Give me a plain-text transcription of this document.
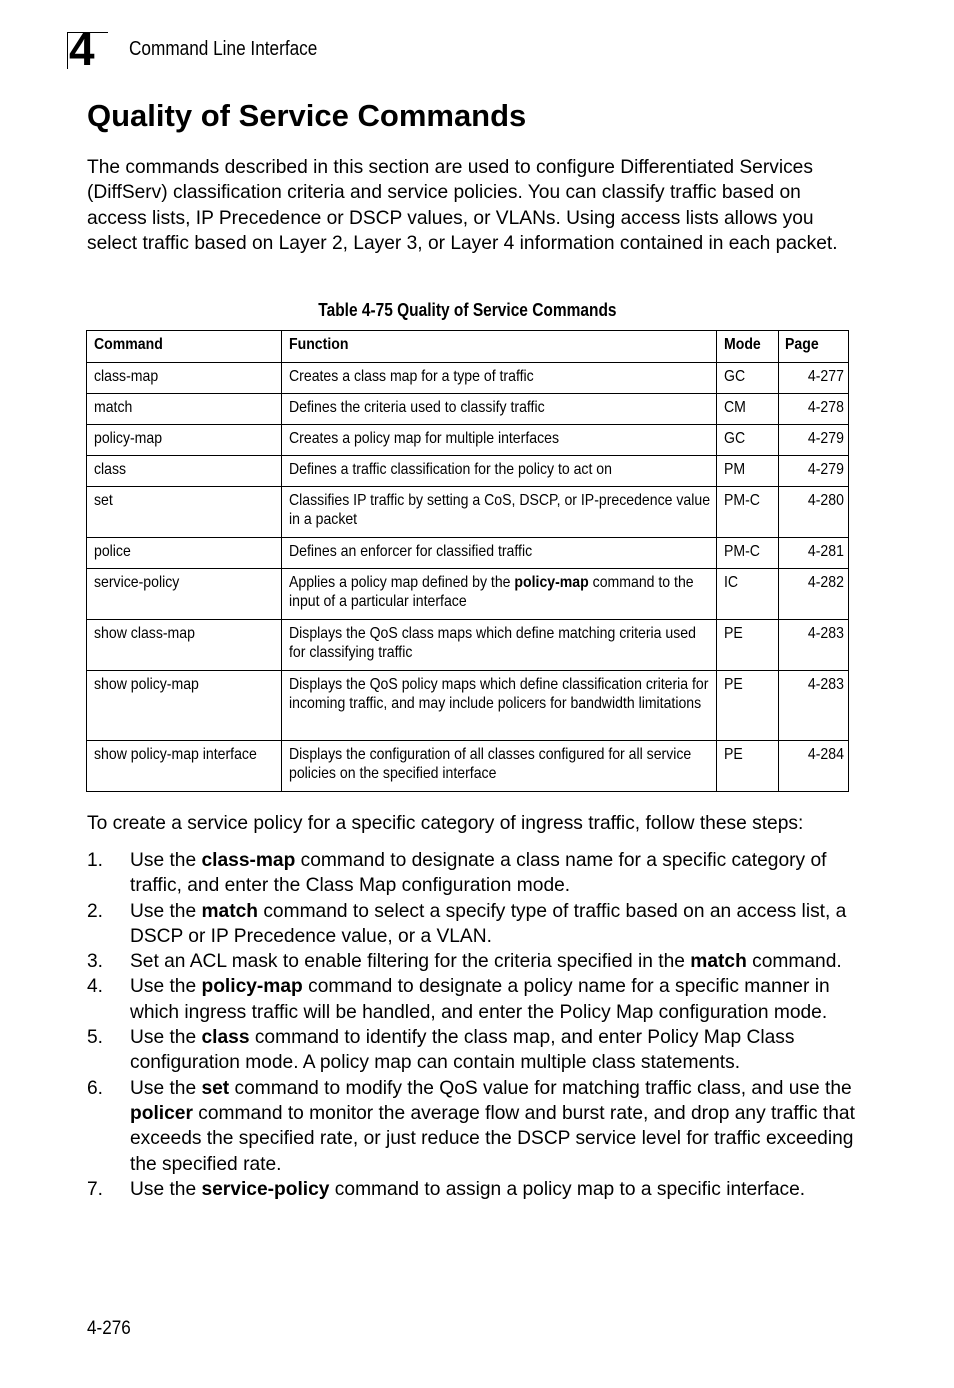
4 Command Line Interface
Quality of Service Commands

The commands described in this section are used to configure Differentiated Services (DiffServ) classification criteria and service policies. You can classify traffic based on access lists, IP Precedence or DSCP values, or VLANs. Using access lists allows you select traffic based on Layer 2, Layer 3, or Layer 4 information contained in each packet.

Table 4-75 Quality of Service Commands
Command	Function	Mode	Page
class-map	Creates a class map for a type of traffic	GC	4-277
match	Defines the criteria used to classify traffic	CM	4-278
policy-map	Creates a policy map for multiple interfaces	GC	4-279
class	Defines a traffic classification for the policy to act on	PM	4-279
set	Classifies IP traffic by setting a CoS, DSCP, or IP-precedence value in a packet	PM-C	4-280
police	Defines an enforcer for classified traffic	PM-C	4-281
service-policy	Applies a policy map defined by the policy-map command to the input of a particular interface	IC	4-282
show class-map	Displays the QoS class maps which define matching criteria used for classifying traffic	PE	4-283
show policy-map	Displays the QoS policy maps which define classification criteria for incoming traffic, and may include policers for bandwidth limitations	PE	4-283
show policy-map interface	Displays the configuration of all classes configured for all service policies on the specified interface	PE	4-284

To create a service policy for a specific category of ingress traffic, follow these steps:

1. Use the class-map command to designate a class name for a specific category of traffic, and enter the Class Map configuration mode.
2. Use the match command to select a specify type of traffic based on an access list, a DSCP or IP Precedence value, or a VLAN.
3. Set an ACL mask to enable filtering for the criteria specified in the match command.
4. Use the policy-map command to designate a policy name for a specific manner in which ingress traffic will be handled, and enter the Policy Map configuration mode.
5. Use the class command to identify the class map, and enter Policy Map Class configuration mode. A policy map can contain multiple class statements.
6. Use the set command to modify the QoS value for matching traffic class, and use the policer command to monitor the average flow and burst rate, and drop any traffic that exceeds the specified rate, or just reduce the DSCP service level for traffic exceeding the specified rate.
7. Use the service-policy command to assign a policy map to a specific interface.
4-276
